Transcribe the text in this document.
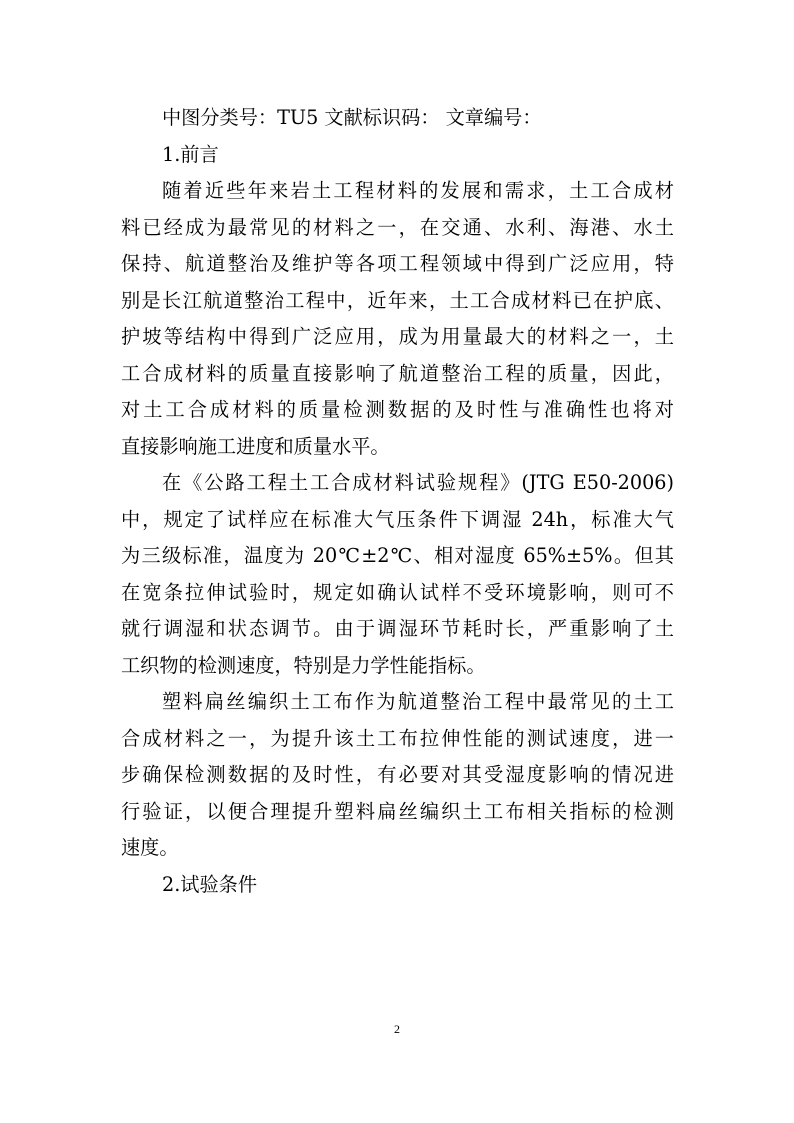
中图分类号：TU5 文献标识码： 文章编号：
1.前言
随着近些年来岩土工程材料的发展和需求，土工合成材
料已经成为最常见的材料之一，在交通、水利、海港、水土
保持、航道整治及维护等各项工程领域中得到广泛应用，特
别是长江航道整治工程中，近年来，土工合成材料已在护底、
护坡等结构中得到广泛应用，成为用量最大的材料之一，土
工合成材料的质量直接影响了航道整治工程的质量，因此，
对土工合成材料的质量检测数据的及时性与准确性也将对
直接影响施工进度和质量水平。
在《公路工程土工合成材料试验规程》(JTG E50-2006)
中，规定了试样应在标准大气压条件下调湿 24h，标准大气
为三级标准，温度为 20℃±2℃、相对湿度 65%±5%。但其
在宽条拉伸试验时，规定如确认试样不受环境影响，则可不
就行调湿和状态调节。由于调湿环节耗时长，严重影响了土
工织物的检测速度，特别是力学性能指标。
塑料扁丝编织土工布作为航道整治工程中最常见的土工
合成材料之一，为提升该土工布拉伸性能的测试速度，进一
步确保检测数据的及时性，有必要对其受湿度影响的情况进
行验证，以便合理提升塑料扁丝编织土工布相关指标的检测
速度。
2.试验条件
2
